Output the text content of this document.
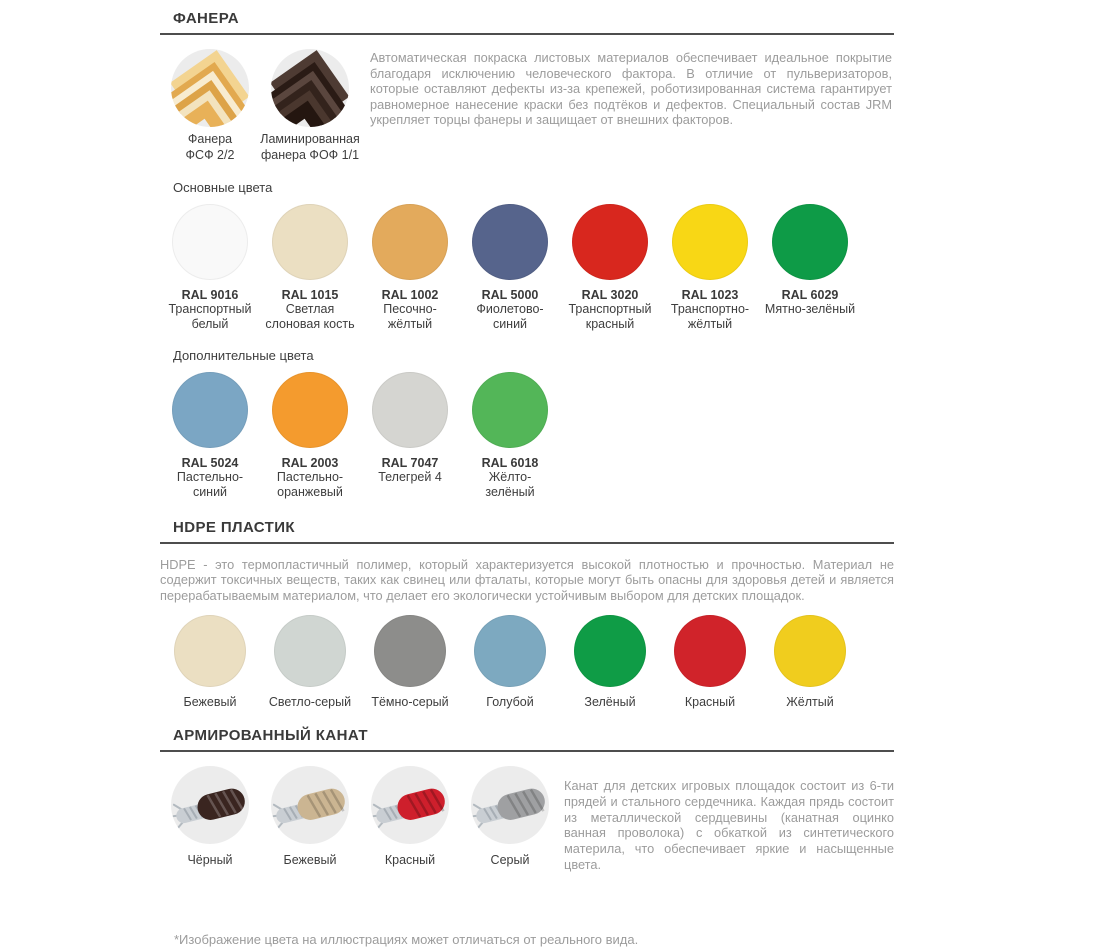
ФАНЕРА
Фанера
ФСФ 2/2
Ламинированная
фанера ФОФ 1/1

Автоматическая покраска листовых материалов обеспечивает идеальное покрытие благодаря исключению человеческого фактора. В отличие от пульверизаторов, которые оставляют дефекты из-за крепежей, роботизированная система гарантирует равномерное нанесение краски без подтёков и дефектов. Специальный состав JRM укрепляет торцы фанеры и защищает от внешних факторов.

Основные цвета
RAL 9016
Транспортный
белый
RAL 1015
Светлая
слоновая кость
RAL 1002
Песочно-
жёлтый
RAL 5000
Фиолетово-
синий
RAL 3020
Транспортный
красный
RAL 1023
Транспортно-
жёлтый
RAL 6029
Мятно-зелёный
Дополнительные цвета
RAL 5024
Пастельно-
синий
RAL 2003
Пастельно-
оранжевый
RAL 7047
Телегрей 4
RAL 6018
Жёлто-
зелёный
HDPE ПЛАСТИК

HDPE - это термопластичный полимер, который характеризуется высокой плотностью и прочностью. Материал не содержит токсичных веществ, таких как свинец или фталаты, которые могут быть опасны для здоровья детей и является перерабатываемым материалом, что делает его экологически устойчивым выбором для детских площадок.

Бежевый	Светло-серый	Тёмно-серый	Голубой	Зелёный	Красный	Жёлтый
АРМИРОВАННЫЙ КАНАТ
Чёрный	Бежевый	Красный	Серый

Канат для детских игровых площадок состоит из 6-ти прядей и стального сердечника. Каждая прядь состоит из металлической сердцевины (канатная оцинко ванная проволока) с обкаткой из синтетического материла, что обеспечивает яркие и насыщенные цвета.

*Изображение цвета на иллюстрациях может отличаться от реального вида.
